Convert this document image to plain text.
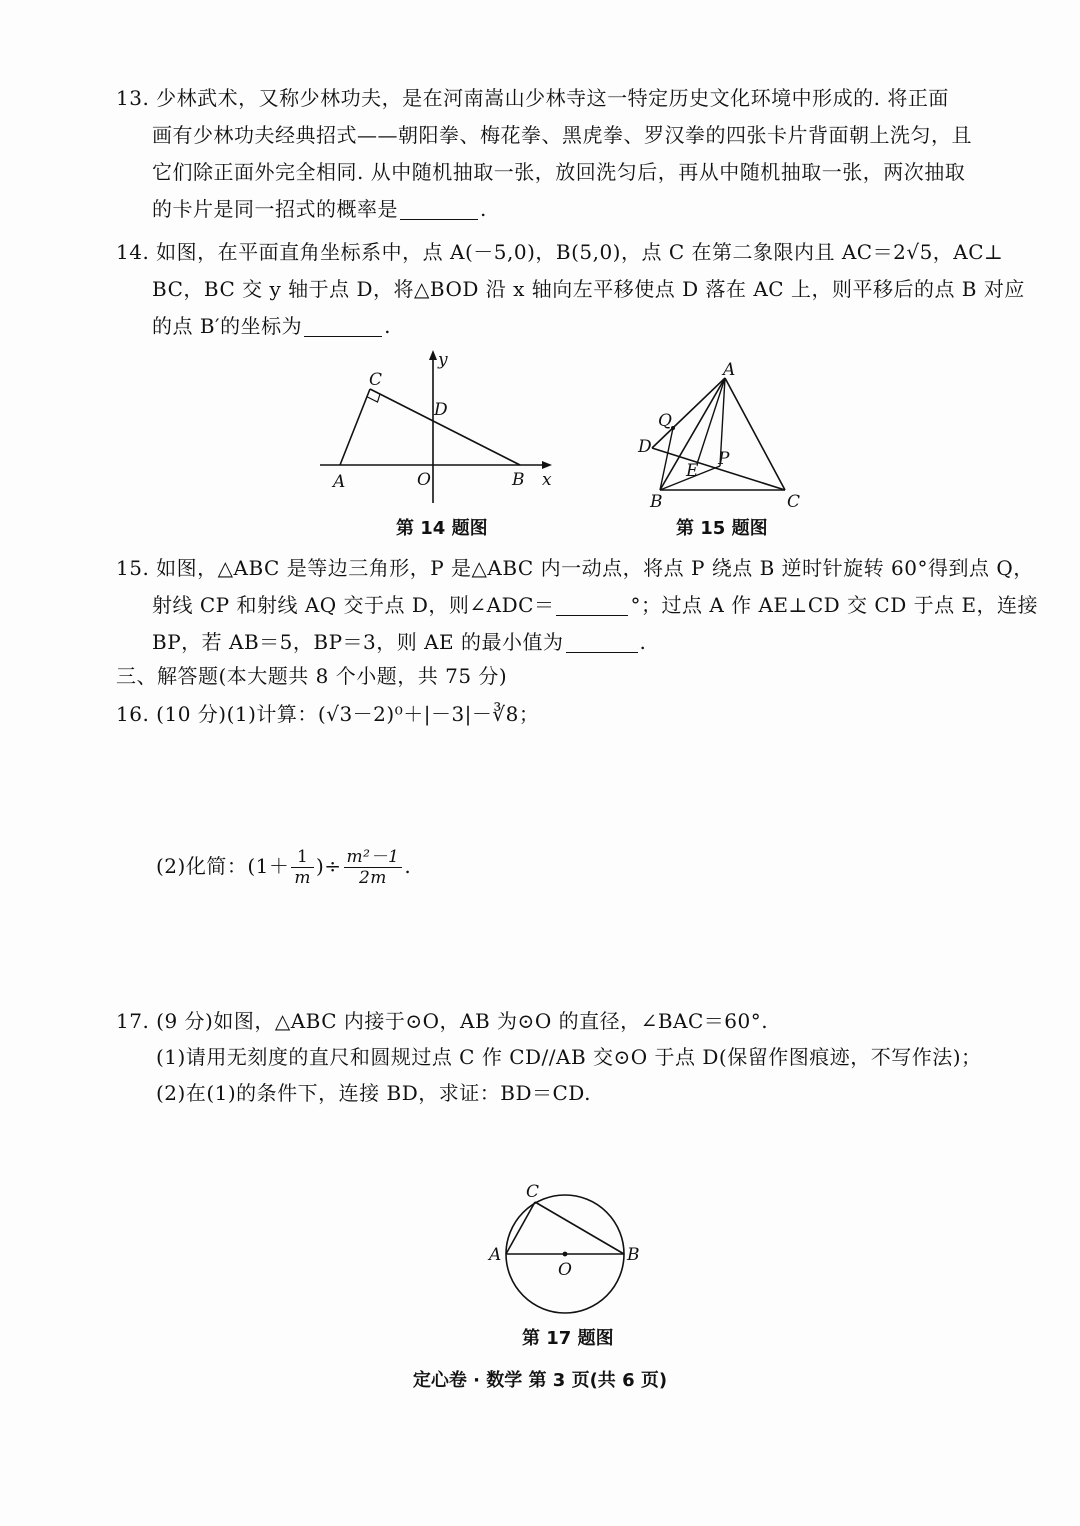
13. 少林武术，又称少林功夫，是在河南嵩山少林寺这一特定历史文化环境中形成的. 将正面
画有少林功夫经典招式——朝阳拳、梅花拳、黑虎拳、罗汉拳的四张卡片背面朝上洗匀，且
它们除正面外完全相同. 从中随机抽取一张，放回洗匀后，再从中随机抽取一张，两次抽取
的卡片是同一招式的概率是	.
14. 如图，在平面直角坐标系中，点 A(－5,0)，B(5,0)，点 C 在第二象限内且 AC＝2√5，AC⊥
BC，BC 交 y 轴于点 D，将△BOD 沿 x 轴向左平移使点 D 落在 AC 上，则平移后的点 B 对应
的点 B′的坐标为	.
C
D
A	O	B x
y
第 14 题图
A
Q
D
E
P
B	C
第 15 题图
15. 如图，△ABC 是等边三角形，P 是△ABC 内一动点，将点 P 绕点 B 逆时针旋转 60°得到点 Q，
射线 CP 和射线 AQ 交于点 D，则∠ADC＝	°；过点 A 作 AE⊥CD 交 CD 于点 E，连接
BP，若 AB＝5，BP＝3，则 AE 的最小值为	.
三、解答题(本大题共 8 个小题，共 75 分)
16. (10 分)(1)计算：(√3－2)⁰＋|－3|－∛8；
(2)化简：($1+ \frac{1}{m}$ )÷ $\frac{\text{m²－1}}{2m}$ .
17. (9 分)如图，△ABC 内接于⊙O，AB 为⊙O 的直径，∠BAC＝60°.
(1)请用无刻度的直尺和圆规过点 C 作 CD//AB 交⊙O 于点 D(保留作图痕迹，不写作法)；
(2)在(1)的条件下，连接 BD，求证：BD＝CD.
C
A
O
B
第 17 题图
定心卷 · 数学 第 3 页(共 6 页)
